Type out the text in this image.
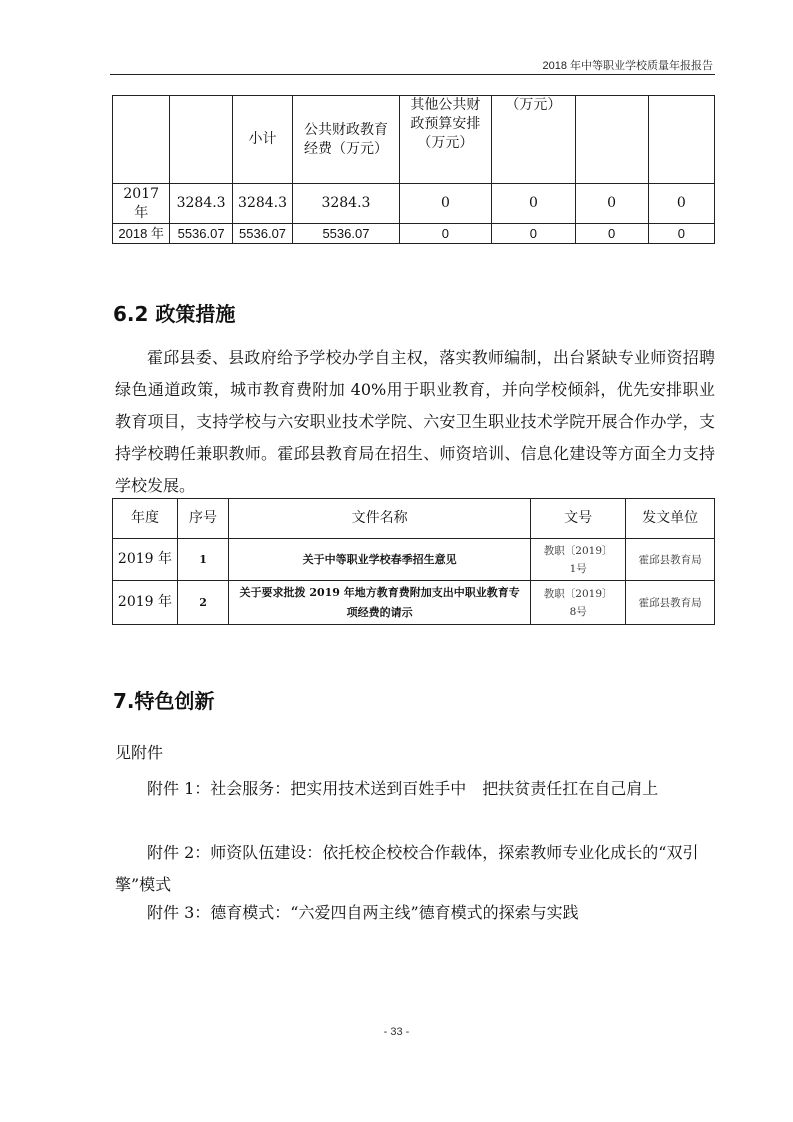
2018 年中等职业学校质量年报报告
		小计	公共财政教育经费（万元）	其他公共财政预算安排（万元）	（万元）		
2017 年	3284.3	3284.3	3284.3	0	0	0	0
2018 年	5536.07	5536.07	5536.07	0	0	0	0
6.2 政策措施
霍邱县委、县政府给予学校办学自主权，落实教师编制，出台紧缺专业师资招聘绿色通道政策，城市教育费附加 40%用于职业教育，并向学校倾斜，优先安排职业教育项目，支持学校与六安职业技术学院、六安卫生职业技术学院开展合作办学，支持学校聘任兼职教师。霍邱县教育局在招生、师资培训、信息化建设等方面全力支持学校发展。
年度	序号	文件名称	文号	发文单位
2019 年	1	关于中等职业学校春季招生意见	教职〔2019〕1号	霍邱县教育局
2019 年	2	关于要求批拨 2019 年地方教育费附加支出中职业教育专项经费的请示	教职〔2019〕8号	霍邱县教育局
7.特色创新
见附件
附件 1：社会服务：把实用技术送到百姓手中　把扶贫责任扛在自己肩上
附件 2：师资队伍建设：依托校企校校合作载体，探索教师专业化成长的“双引擎”模式
附件 3：德育模式：“六爱四自两主线”德育模式的探索与实践
- 33 -
